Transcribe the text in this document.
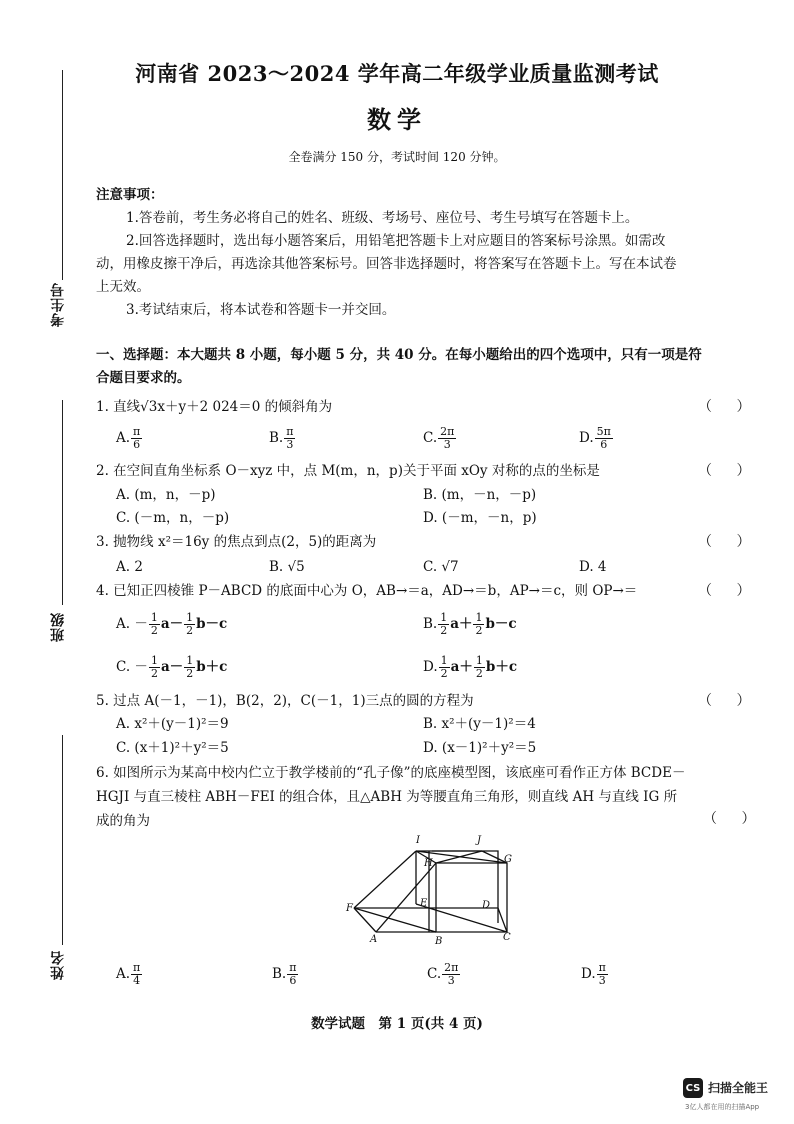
考生号
班级
姓名
河南省 2023～2024 学年高二年级学业质量监测考试
数学
全卷满分 150 分，考试时间 120 分钟。
注意事项：
1.答卷前，考生务必将自己的姓名、班级、考场号、座位号、考生号填写在答题卡上。
2.回答选择题时，选出每小题答案后，用铅笔把答题卡上对应题目的答案标号涂黑。如需改
动，用橡皮擦干净后，再选涂其他答案标号。回答非选择题时，将答案写在答题卡上。写在本试卷
上无效。
3.考试结束后，将本试卷和答题卡一并交回。
一、选择题：本大题共 8 小题，每小题 5 分，共 40 分。在每小题给出的四个选项中，只有一项是符
合题目要求的。
1. 直线√3x＋y＋2 024＝0 的倾斜角为	（ ）
A. $\frac{\pi}{6}$	B. $\frac{\pi}{3}$	C. $\frac{2\pi}{3}$	D. $\frac{5\pi}{6}$
2. 在空间直角坐标系 O－xyz 中，点 M(m，n，p)关于平面 xOy 对称的点的坐标是	（ ）
A. (m，n，－p)	B. (m，－n，－p)
C. (－m，n，－p)	D. (－m，－n，p)
3. 抛物线 x²＝16y 的焦点到点(2，5)的距离为	（ ）
A. 2	B. √5	C. √7	D. 4
4. 已知正四棱锥 P－ABCD 的底面中心为 O，AB→＝a，AD→＝b，AP→＝c，则 OP→＝	（ ）
A. － $\frac{1}{2} a- \frac{1}{2} b-c$	B. $\frac{1}{2} a+ \frac{1}{2} b-c$
C. － $\frac{1}{2} a- \frac{1}{2} b+c$	D. $\frac{1}{2} a+ \frac{1}{2} b+c$
5. 过点 A(－1，－1)，B(2，2)，C(－1，1)三点的圆的方程为	（ ）
A. x²＋(y－1)²＝9	B. x²＋(y－1)²＝4
C. (x＋1)²＋y²＝5	D. (x－1)²＋y²＝5
6. 如图所示为某高中校内伫立于教学楼前的“孔子像”的底座模型图，该底座可看作正方体 BCDE－
HGJI 与直三棱柱 ABH－FEI 的组合体，且△ABH 为等腰直角三角形，则直线 AH 与直线 IG 所
成的角为	（ ）
I	J
H	G
F	E	D
A	B	C
A. $\frac{\pi}{4}$	B. $\frac{\pi}{6}$	C. $\frac{2\pi}{3}$	D. $\frac{\pi}{3}$
数学试题　第 1 页(共 4 页)
CS 扫描全能王
3亿人都在用的扫描App
